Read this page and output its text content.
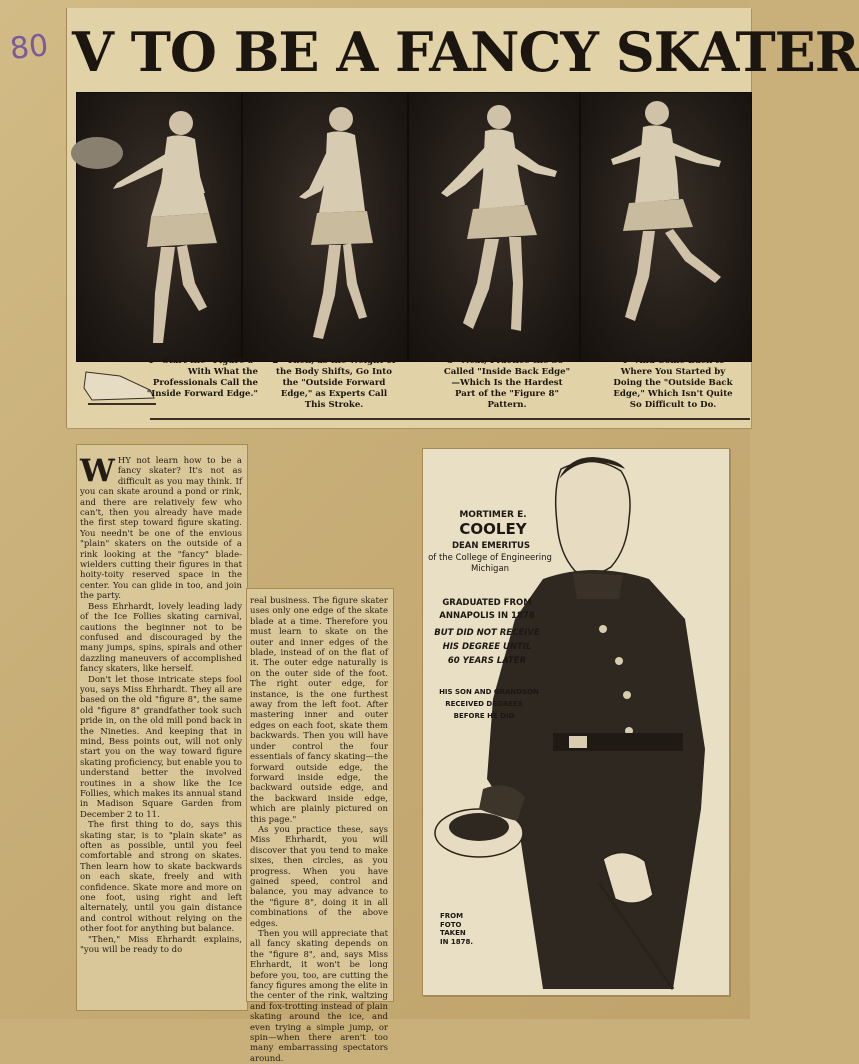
80 V TO BE A FANCY SKATER
1—Start the "Figure 8" With What the Professionals Call the "Inside Forward Edge."
2—Then, as the Weight of the Body Shifts, Go Into the "Outside Forward Edge," as Experts Call This Stroke.
3—Next, Practice the So-Called "Inside Back Edge" —Which Is the Hardest Part of the "Figure 8" Pattern.
4—And Come Back to Where You Started by Doing the "Outside Back Edge," Which Isn't Quite So Difficult to Do.
W HY not learn how to be a fancy skater? It's not as difficult as you may think. If you can skate around a pond or rink, and there are relatively few who can't, then you already have made the first step toward figure skating. You needn't be one of the envious "plain" skaters on the outside of a rink looking at the "fancy" blade-wielders cutting their figures in that hoity-toity reserved space in the center. You can glide in too, and join the party.

Bess Ehrhardt, lovely leading lady of the Ice Follies skating carnival, cautions the beginner not to be confused and discouraged by the many jumps, spins, spirals and other dazzling maneuvers of accomplished fancy skaters, like herself.

Don't let those intricate steps fool you, says Miss Ehrhardt. They all are based on the old "figure 8", the same old "figure 8" grandfather took such pride in, on the old mill pond back in the Nineties. And keeping that in mind, Bess points out, will not only start you on the way toward figure skating proficiency, but enable you to understand better the involved routines in a show like the Ice Follies, which makes its annual stand in Madison Square Garden from December 2 to 11.

The first thing to do, says this skating star, is to "plain skate" as often as possible, until you feel comfortable and strong on skates. Then learn how to skate backwards on each skate, freely and with confidence. Skate more and more on one foot, using right and left alternately, until you gain distance and control without relying on the other foot for anything but balance.

"Then," Miss Ehrhardt explains, "you will be ready to do

real business. The figure skater uses only one edge of the skate blade at a time. Therefore you must learn to skate on the outer and inner edges of the blade, instead of on the flat of it. The outer edge naturally is on the outer side of the foot. The right outer edge, for instance, is the one furthest away from the left foot. After mastering inner and outer edges on each foot, skate them backwards. Then you will have under control the four essentials of fancy skating—the forward outside edge, the forward inside edge, the backward outside edge, and the backward inside edge, which are plainly pictured on this page."

As you practice these, says Miss Ehrhardt, you will discover that you tend to make sixes, then circles, as you progress. When you have gained speed, control and balance, you may advance to the "figure 8", doing it in all combinations of the above edges.

Then you will appreciate that all fancy skating depends on the "figure 8", and, says Miss Ehrhardt, it won't be long before you, too, are cutting the fancy figures among the elite in the center of the rink, waltzing and fox-trotting instead of plain skating around the ice, and even trying a simple jump, or spin—when there aren't too many embarrassing spectators around.

MORTIMER E.
COOLEY
DEAN EMERITUS
of the College of Engineering
Michigan
GRADUATED FROM
ANNAPOLIS IN 1878
BUT DID NOT RECEIVE
HIS DEGREE UNTIL
60 YEARS LATER
HIS SON AND GRANDSON
RECEIVED DEGREES
BEFORE HE DID
FROM
FOTO
TAKEN
IN 1878.
